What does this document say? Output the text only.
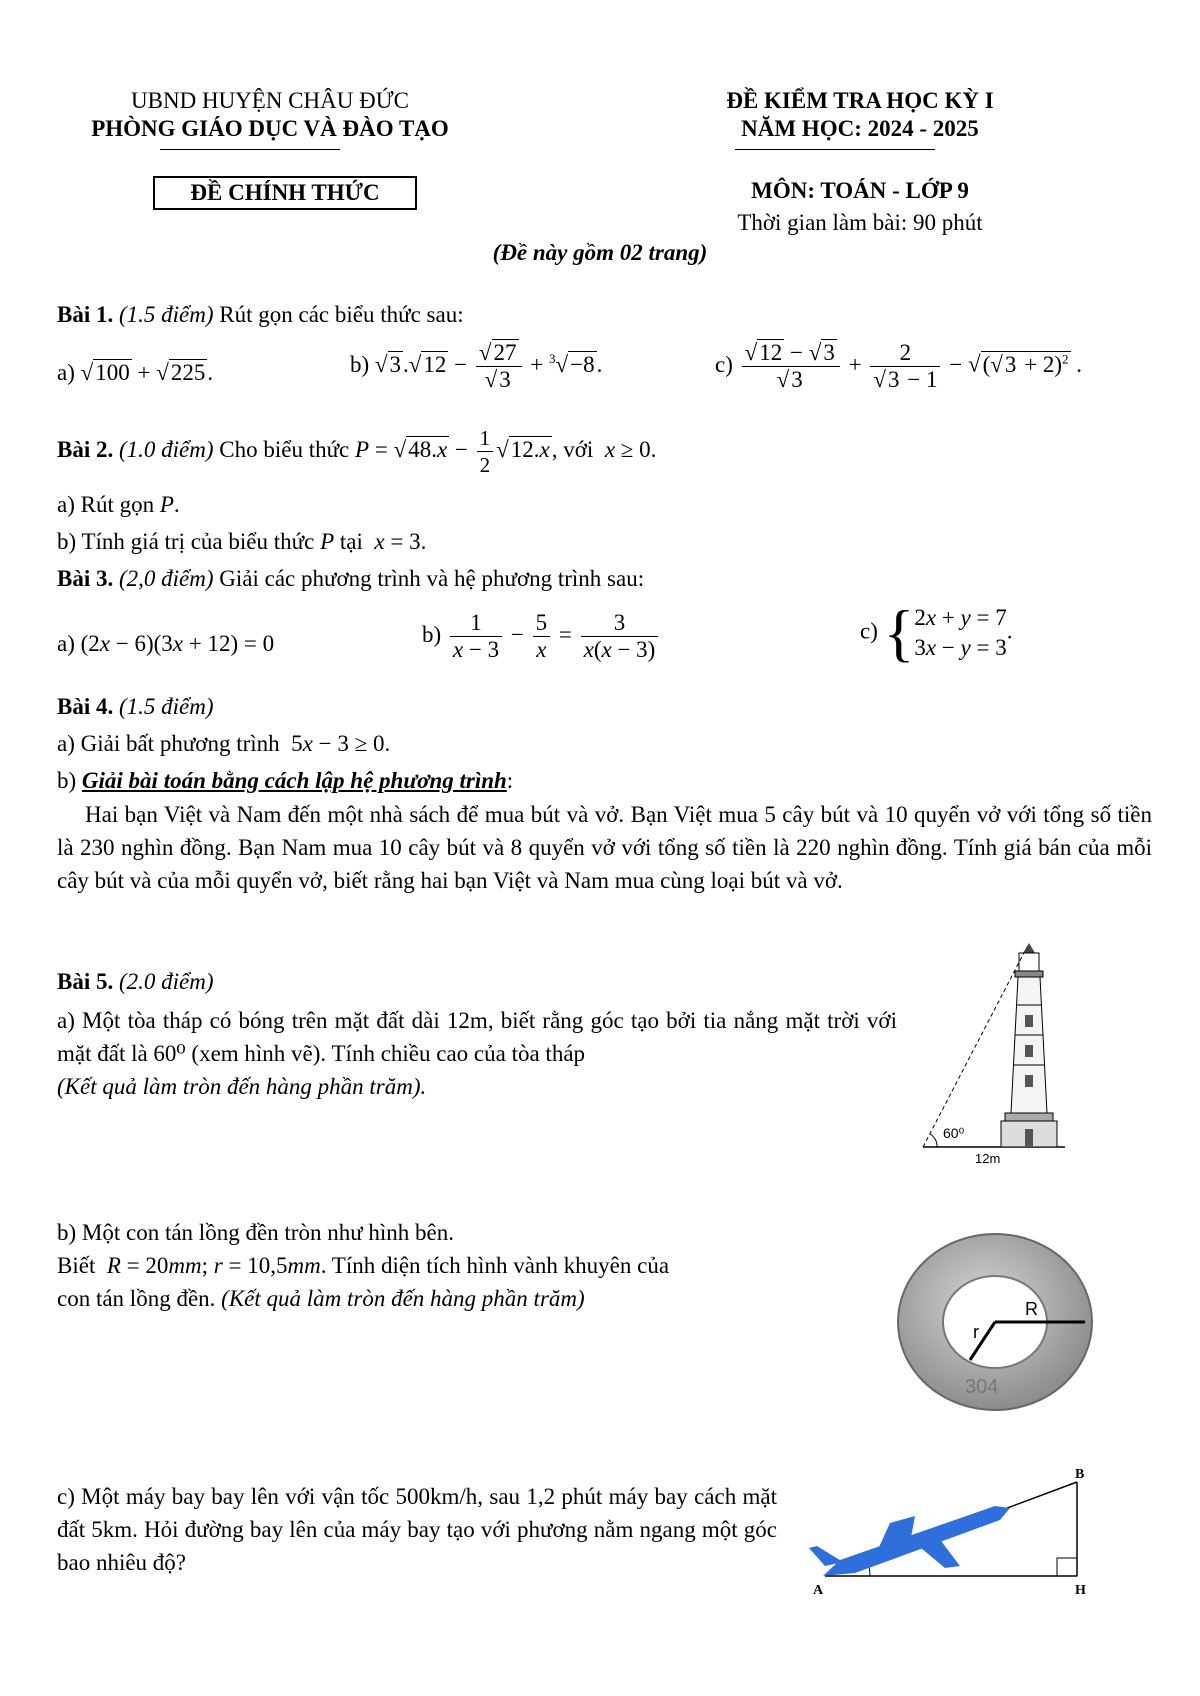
UBND HUYỆN CHÂU ĐỨC
PHÒNG GIÁO DỤC VÀ ĐÀO TẠO
ĐỀ CHÍNH THỨC
ĐỀ KIỂM TRA HỌC KỲ I
NĂM HỌC: 2024 - 2025
MÔN: TOÁN - LỚP 9
Thời gian làm bài: 90 phút
(Đề này gồm 02 trang)
Bài 1. (1.5 điểm) Rút gọn các biểu thức sau:
a) √100 + √225.	b) $√3.√12 - \frac{√27}{√3} + ^3√-8$.	$c) \frac{√12 - √3}{√3} + \frac{2}{√3 - 1} - √(√3 + 2)^2$ .
Bài 2. (1.0 điểm) Cho biểu thức $P = √48.x - \frac{1}{2} √12.x$, với x ≥ 0.
a) Rút gọn P.
b) Tính giá trị của biểu thức P tại x = 3.
Bài 3. (2,0 điểm) Giải các phương trình và hệ phương trình sau:
a) (2x − 6)(3x + 12) = 0	$b) \frac{1}{x - 3} - \frac{5}{x} = \frac{3}{x(x - 3)}$	c) { 2x + y = 7
3x − y = 3
.
Bài 4. (1.5 điểm)
a) Giải bất phương trình  5x − 3 ≥ 0.
b) Giải bài toán bằng cách lập hệ phương trình:
Hai bạn Việt và Nam đến một nhà sách để mua bút và vở. Bạn Việt mua 5 cây bút và 10 quyển vở với tổng số tiền là 230 nghìn đồng. Bạn Nam mua 10 cây bút và 8 quyển vở với tổng số tiền là 220 nghìn đồng. Tính giá bán của mỗi cây bút và của mỗi quyển vở, biết rằng hai bạn Việt và Nam mua cùng loại bút và vở.
Bài 5. (2.0 điểm)
a) Một tòa tháp có bóng trên mặt đất dài 12m, biết rằng góc tạo bởi tia nắng mặt trời với mặt đất là 60⁰ (xem hình vẽ). Tính chiều cao của tòa tháp
(Kết quả làm tròn đến hàng phần trăm).
60⁰
12m
b) Một con tán lồng đền tròn như hình bên.
Biết R = 20mm; r = 10,5mm. Tính diện tích hình vành khuyên của
con tán lồng đền. (Kết quả làm tròn đến hàng phần trăm)	R
r
304
c) Một máy bay bay lên với vận tốc 500km/h, sau 1,2 phút máy bay cách mặt đất 5km. Hỏi đường bay lên của máy bay tạo với phương nằm ngang một góc bao nhiêu độ?
A
B
H
